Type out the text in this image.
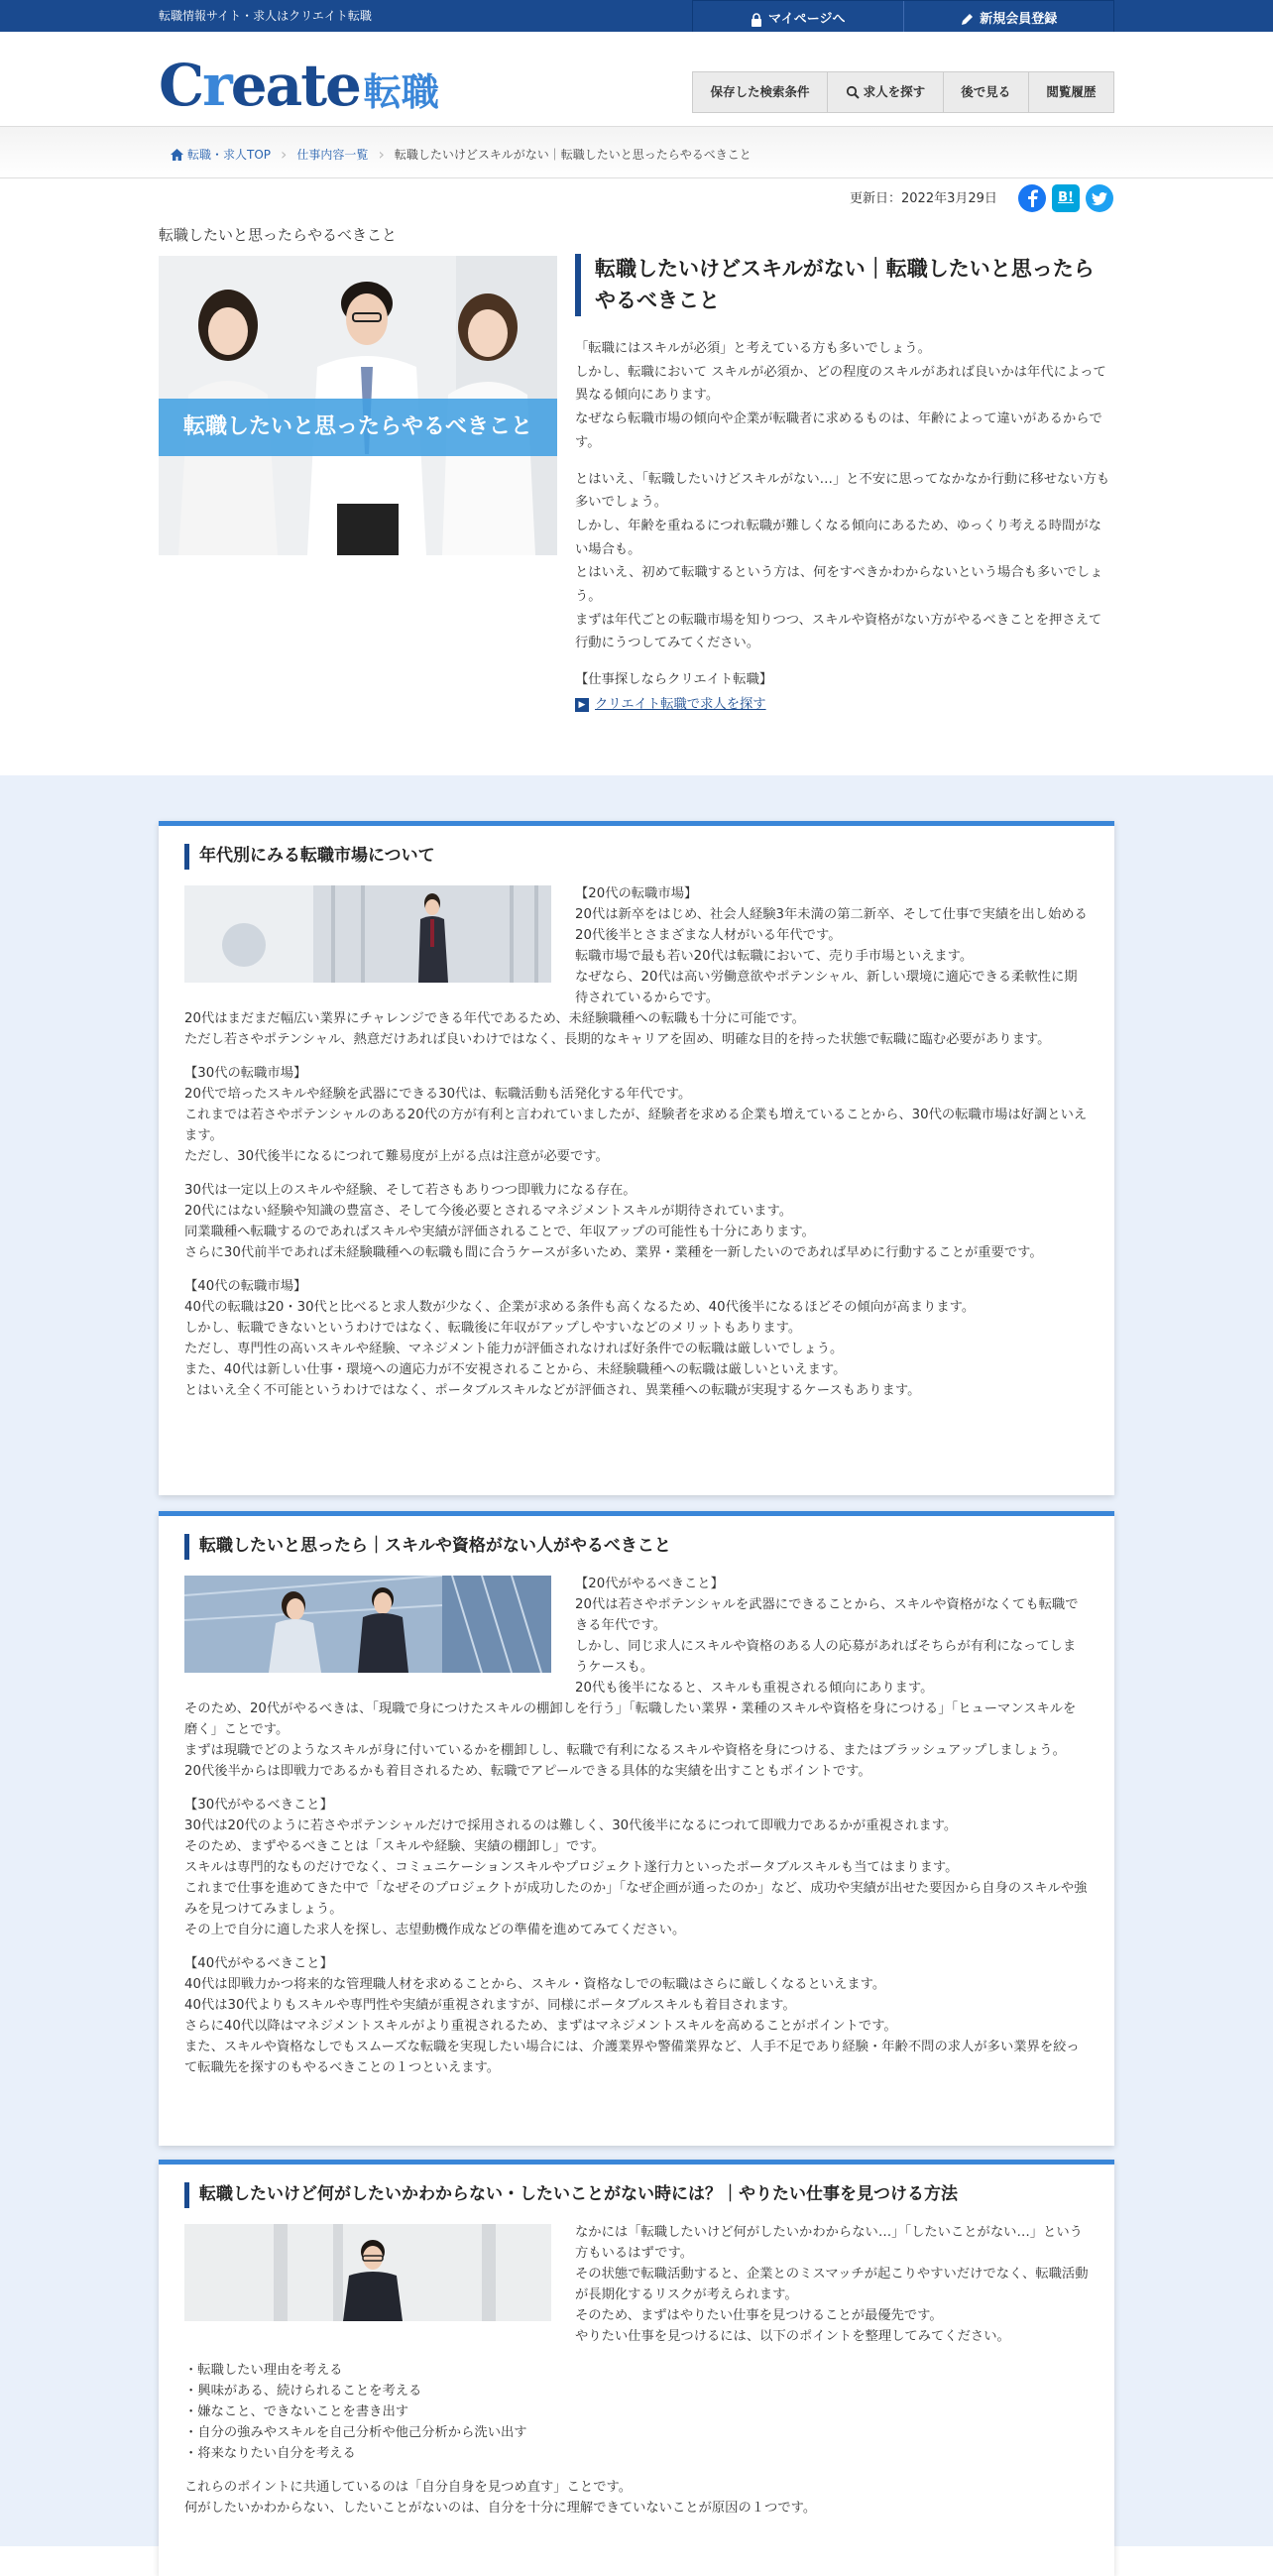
転職情報サイト・求人はクリエイト転職	マイページへ	新規会員登録
Create 転職	保存した検索条件	求人を探す	後で見る	閲覧履歴
転職・求人TOP › 仕事内容一覧 › 転職したいけどスキルがない｜転職したいと思ったらやるべきこと
更新日：2022年3月29日	B!
転職したいと思ったらやるべきこと
転職したいと思ったらやるべきこと
転職したいけどスキルがない｜転職したいと思ったらやるべきこと

「転職にはスキルが必須」と考えている方も多いでしょう。

しかし、転職において スキルが必須か、どの程度のスキルがあれば良いかは年代によって異なる傾向にあります。

なぜなら転職市場の傾向や企業が転職者に求めるものは、年齢によって違いがあるからです。

とはいえ、「転職したいけどスキルがない…」と不安に思ってなかなか行動に移せない方も多いでしょう。

しかし、年齢を重ねるにつれ転職が難しくなる傾向にあるため、ゆっくり考える時間がない場合も。

とはいえ、初めて転職するという方は、何をすべきかわからないという場合も多いでしょう。

まずは年代ごとの転職市場を知りつつ、スキルや資格がない方がやるべきことを押さえて行動にうつしてみてください。

【仕事探しならクリエイト転職】

▶ クリエイト転職で求人を探す

年代別にみる転職市場について

【20代の転職市場】

20代は新卒をはじめ、社会人経験3年未満の第二新卒、そして仕事で実績を出し始める20代後半とさまざまな人材がいる年代です。

転職市場で最も若い20代は転職において、売り手市場といえます。

なぜなら、20代は高い労働意欲やポテンシャル、新しい環境に適応できる柔軟性に期待されているからです。

20代はまだまだ幅広い業界にチャレンジできる年代であるため、未経験職種への転職も十分に可能です。

ただし若さやポテンシャル、熱意だけあれば良いわけではなく、長期的なキャリアを固め、明確な目的を持った状態で転職に臨む必要があります。

【30代の転職市場】

20代で培ったスキルや経験を武器にできる30代は、転職活動も活発化する年代です。

これまでは若さやポテンシャルのある20代の方が有利と言われていましたが、経験者を求める企業も増えていることから、30代の転職市場は好調といえます。

ただし、30代後半になるにつれて難易度が上がる点は注意が必要です。

30代は一定以上のスキルや経験、そして若さもありつつ即戦力になる存在。

20代にはない経験や知識の豊富さ、そして今後必要とされるマネジメントスキルが期待されています。

同業職種へ転職するのであればスキルや実績が評価されることで、年収アップの可能性も十分にあります。

さらに30代前半であれば未経験職種への転職も間に合うケースが多いため、業界・業種を一新したいのであれば早めに行動することが重要です。

【40代の転職市場】

40代の転職は20・30代と比べると求人数が少なく、企業が求める条件も高くなるため、40代後半になるほどその傾向が高まります。

しかし、転職できないというわけではなく、転職後に年収がアップしやすいなどのメリットもあります。

ただし、専門性の高いスキルや経験、マネジメント能力が評価されなければ好条件での転職は厳しいでしょう。

また、40代は新しい仕事・環境への適応力が不安視されることから、未経験職種への転職は厳しいといえます。

とはいえ全く不可能というわけではなく、ポータブルスキルなどが評価され、異業種への転職が実現するケースもあります。

転職したいと思ったら｜スキルや資格がない人がやるべきこと

【20代がやるべきこと】

20代は若さやポテンシャルを武器にできることから、スキルや資格がなくても転職できる年代です。

しかし、同じ求人にスキルや資格のある人の応募があればそちらが有利になってしまうケースも。

20代も後半になると、スキルも重視される傾向にあります。

そのため、20代がやるべきは、「現職で身につけたスキルの棚卸しを行う」「転職したい業界・業種のスキルや資格を身につける」「ヒューマンスキルを磨く」ことです。

まずは現職でどのようなスキルが身に付いているかを棚卸しし、転職で有利になるスキルや資格を身につける、またはブラッシュアップしましょう。

20代後半からは即戦力であるかも着目されるため、転職でアピールできる具体的な実績を出すこともポイントです。

【30代がやるべきこと】

30代は20代のように若さやポテンシャルだけで採用されるのは難しく、30代後半になるにつれて即戦力であるかが重視されます。

そのため、まずやるべきことは「スキルや経験、実績の棚卸し」です。

スキルは専門的なものだけでなく、コミュニケーションスキルやプロジェクト遂行力といったポータブルスキルも当てはまります。

これまで仕事を進めてきた中で「なぜそのプロジェクトが成功したのか」「なぜ企画が通ったのか」など、成功や実績が出せた要因から自身のスキルや強みを見つけてみましょう。

その上で自分に適した求人を探し、志望動機作成などの準備を進めてみてください。

【40代がやるべきこと】

40代は即戦力かつ将来的な管理職人材を求めることから、スキル・資格なしでの転職はさらに厳しくなるといえます。

40代は30代よりもスキルや専門性や実績が重視されますが、同様にポータブルスキルも着目されます。

さらに40代以降はマネジメントスキルがより重視されるため、まずはマネジメントスキルを高めることがポイントです。

また、スキルや資格なしでもスムーズな転職を実現したい場合には、介護業界や警備業界など、人手不足であり経験・年齢不問の求人が多い業界を絞って転職先を探すのもやるべきことの１つといえます。

転職したいけど何がしたいかわからない・したいことがない時には？｜やりたい仕事を見つける方法

なかには「転職したいけど何がしたいかわからない…」「したいことがない…」という方もいるはずです。

その状態で転職活動すると、企業とのミスマッチが起こりやすいだけでなく、転職活動が長期化するリスクが考えられます。

そのため、まずはやりたい仕事を見つけることが最優先です。

やりたい仕事を見つけるには、以下のポイントを整理してみてください。

・転職したい理由を考える

・興味がある、続けられることを考える

・嫌なこと、できないことを書き出す

・自分の強みやスキルを自己分析や他己分析から洗い出す

・将来なりたい自分を考える

これらのポイントに共通しているのは「自分自身を見つめ直す」ことです。

何がしたいかわからない、したいことがないのは、自分を十分に理解できていないことが原因の１つです。
